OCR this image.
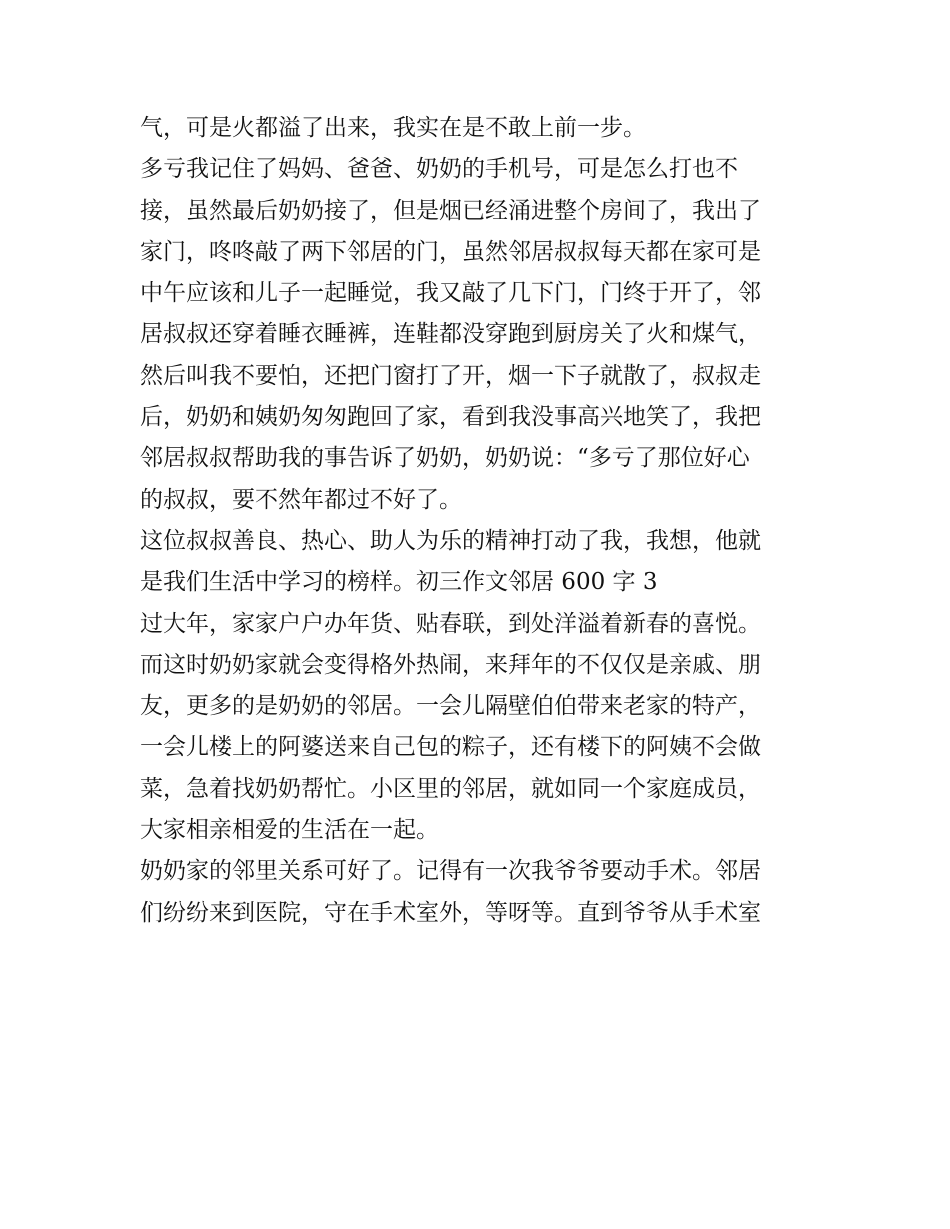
气，可是火都溢了出来，我实在是不敢上前一步。
多亏我记住了妈妈、爸爸、奶奶的手机号，可是怎么打也不
接，虽然最后奶奶接了，但是烟已经涌进整个房间了，我出了
家门，咚咚敲了两下邻居的门，虽然邻居叔叔每天都在家可是
中午应该和儿子一起睡觉，我又敲了几下门，门终于开了，邻
居叔叔还穿着睡衣睡裤，连鞋都没穿跑到厨房关了火和煤气，
然后叫我不要怕，还把门窗打了开，烟一下子就散了，叔叔走
后，奶奶和姨奶匆匆跑回了家，看到我没事高兴地笑了，我把
邻居叔叔帮助我的事告诉了奶奶，奶奶说：“多亏了那位好心
的叔叔，要不然年都过不好了。
这位叔叔善良、热心、助人为乐的精神打动了我，我想，他就
是我们生活中学习的榜样。初三作文邻居 600 字 3
过大年，家家户户办年货、贴春联，到处洋溢着新春的喜悦。
而这时奶奶家就会变得格外热闹，来拜年的不仅仅是亲戚、朋
友，更多的是奶奶的邻居。一会儿隔壁伯伯带来老家的特产，
一会儿楼上的阿婆送来自己包的粽子，还有楼下的阿姨不会做
菜，急着找奶奶帮忙。小区里的邻居，就如同一个家庭成员，
大家相亲相爱的生活在一起。
奶奶家的邻里关系可好了。记得有一次我爷爷要动手术。邻居
们纷纷来到医院，守在手术室外，等呀等。直到爷爷从手术室
